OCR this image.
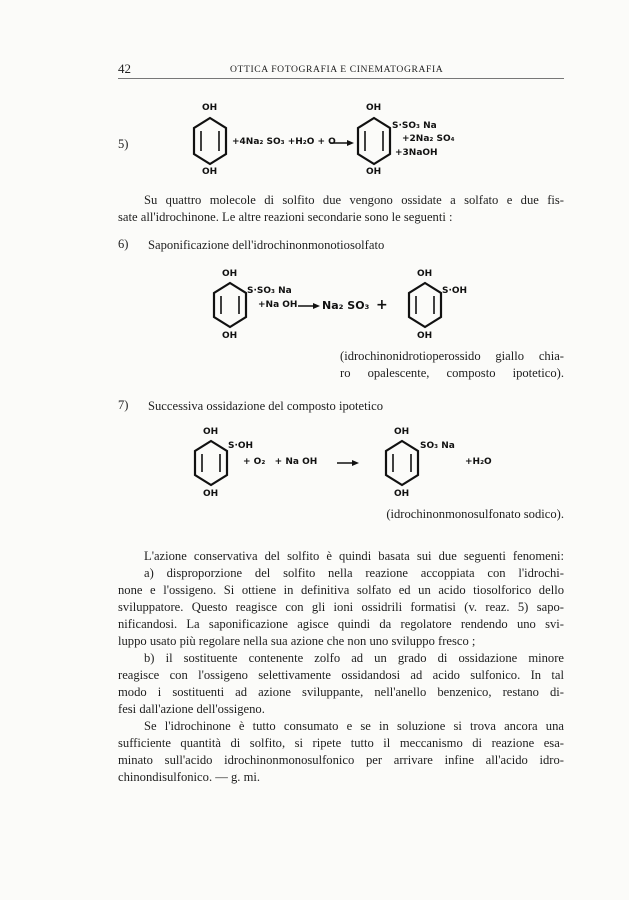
42	OTTICA FOTOGRAFIA E CINEMATOGRAFIA
5)
OH
OH
+4Na₂ SO₃ +H₂O + O
OH
OH
S·SO₃ Na
+2Na₂ SO₄
+3NaOH
Su quattro molecole di solfito due vengono ossidate a solfato e due fis-
sate all'idrochinone. Le altre reazioni secondarie sono le seguenti :
6) Saponificazione dell'idrochinonmonotiosolfato
OH
OH
S·SO₃ Na
+Na OH → Na₂ SO₃ +
OH
OH
S·OH
(idrochinonidrotioperossido giallo chia-
ro opalescente, composto ipotetico).
7) Successiva ossidazione del composto ipotetico
OH
OH
S·OH
+ O₂   + Na OH →
OH
OH
SO₃ Na
+H₂O
(idrochinonmonosulfonato sodico).
L'azione conservativa del solfito è quindi basata sui due seguenti fenomeni:
a) disproporzione del solfito nella reazione accoppiata con l'idrochi-
none e l'ossigeno. Si ottiene in definitiva solfato ed un acido tiosolforico dello
sviluppatore. Questo reagisce con gli ioni ossidrili formatisi (v. reaz. 5) sapo-
nificandosi. La saponificazione agisce quindi da regolatore rendendo uno svi-
luppo usato più regolare nella sua azione che non uno sviluppo fresco ;
b) il sostituente contenente zolfo ad un grado di ossidazione minore
reagisce con l'ossigeno selettivamente ossidandosi ad acido sulfonico. In tal
modo i sostituenti ad azione sviluppante, nell'anello benzenico, restano di-
fesi dall'azione dell'ossigeno.
Se l'idrochinone è tutto consumato e se in soluzione si trova ancora una
sufficiente quantità di solfito, si ripete tutto il meccanismo di reazione esa-
minato sull'acido idrochinonmonosulfonico per arrivare infine all'acido idro-
chinondisulfonico. — g. mi.
